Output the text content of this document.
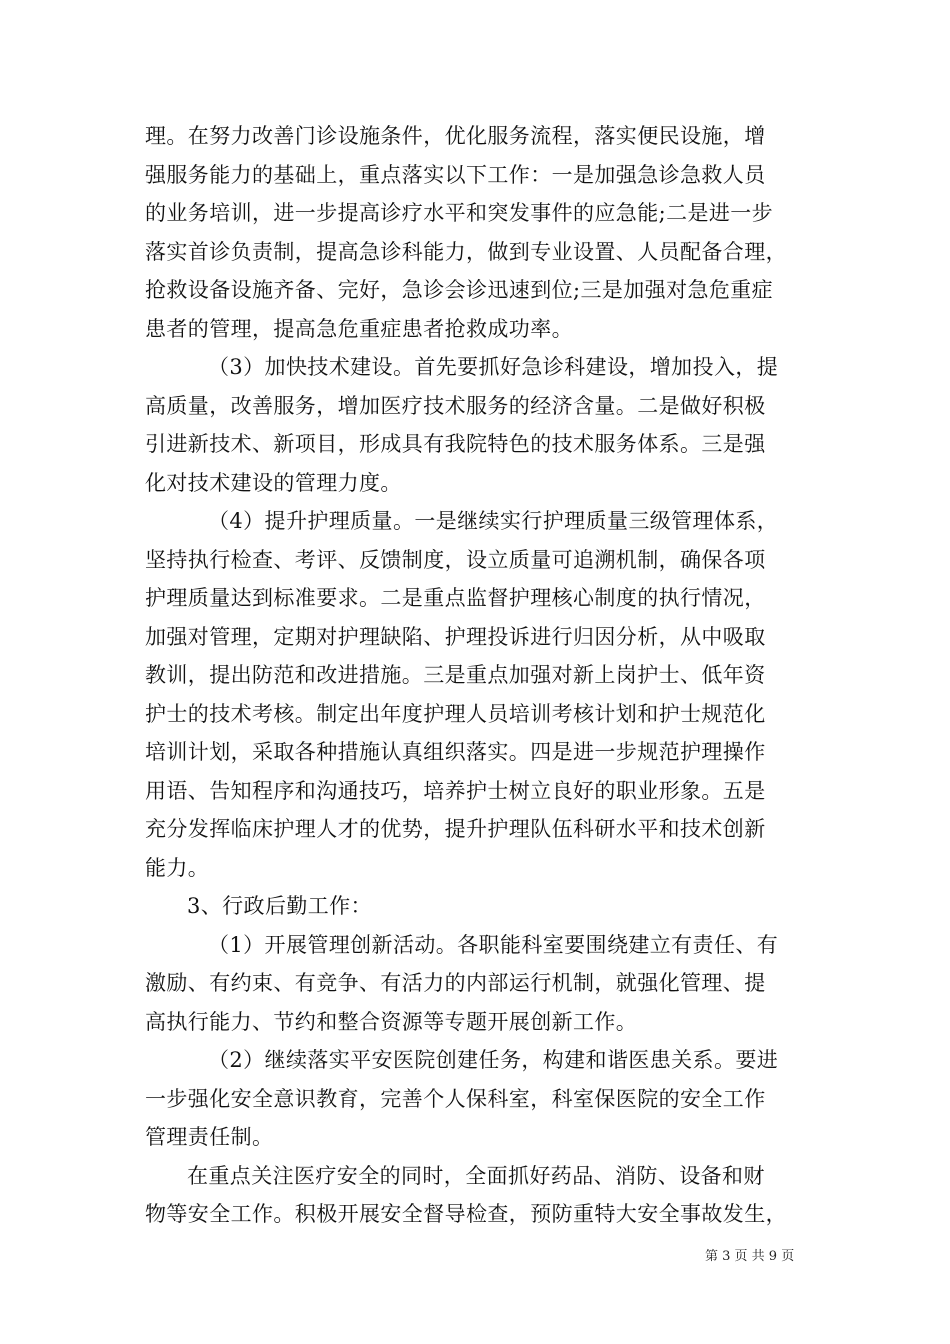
理。在努力改善门诊设施条件，优化服务流程，落实便民设施，增
强服务能力的基础上，重点落实以下工作：一是加强急诊急救人员
的业务培训，进一步提高诊疗水平和突发事件的应急能;二是进一步
落实首诊负责制，提高急诊科能力，做到专业设置、人员配备合理，
抢救设备设施齐备、完好，急诊会诊迅速到位;三是加强对急危重症
患者的管理，提高急危重症患者抢救成功率。

（3）加快技术建设。首先要抓好急诊科建设，增加投入，提
高质量，改善服务，增加医疗技术服务的经济含量。二是做好积极
引进新技术、新项目，形成具有我院特色的技术服务体系。三是强
化对技术建设的管理力度。

（4）提升护理质量。一是继续实行护理质量三级管理体系，
坚持执行检查、考评、反馈制度，设立质量可追溯机制，确保各项
护理质量达到标准要求。二是重点监督护理核心制度的执行情况，
加强对管理，定期对护理缺陷、护理投诉进行归因分析，从中吸取
教训，提出防范和改进措施。三是重点加强对新上岗护士、低年资
护士的技术考核。制定出年度护理人员培训考核计划和护士规范化
培训计划，采取各种措施认真组织落实。四是进一步规范护理操作
用语、告知程序和沟通技巧，培养护士树立良好的职业形象。五是
充分发挥临床护理人才的优势，提升护理队伍科研水平和技术创新
能力。

3、行政后勤工作：

（1）开展管理创新活动。各职能科室要围绕建立有责任、有
激励、有约束、有竞争、有活力的内部运行机制，就强化管理、提
高执行能力、节约和整合资源等专题开展创新工作。

（2）继续落实平安医院创建任务，构建和谐医患关系。要进
一步强化安全意识教育，完善个人保科室，科室保医院的安全工作
管理责任制。

在重点关注医疗安全的同时，全面抓好药品、消防、设备和财
物等安全工作。积极开展安全督导检查，预防重特大安全事故发生，

第 3 页 共 9 页
